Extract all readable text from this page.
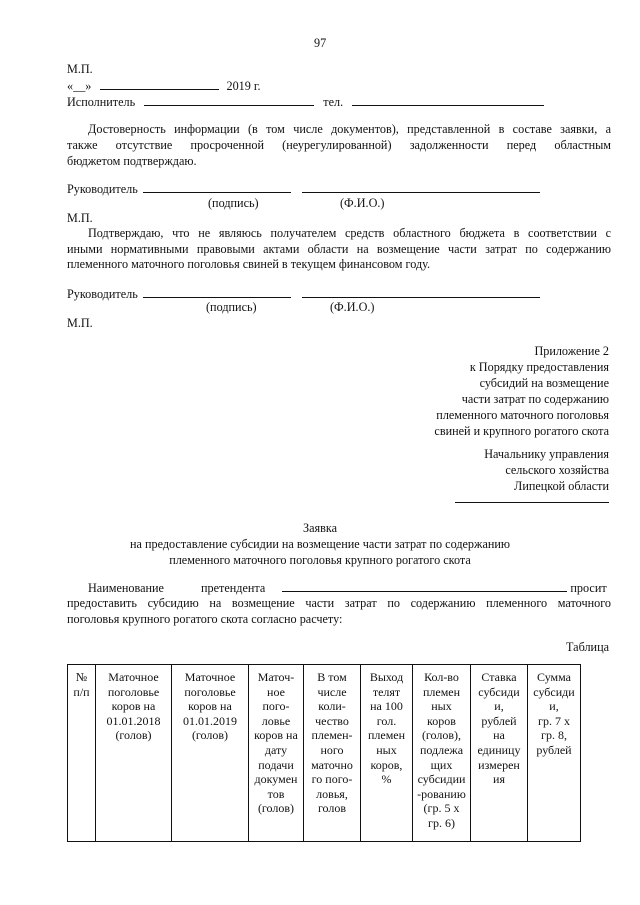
97
М.П.
«__»	2019 г.
Исполнитель	тел.
Достоверность информации (в том числе документов), представленной в составе заявки, а
также отсутствие просроченной (неурегулированной) задолженности перед областным
бюджетом подтверждаю.
Руководитель
(подпись)	(Ф.И.О.)
М.П.
Подтверждаю, что не являюсь получателем средств областного бюджета в соответствии с
иными нормативными правовыми актами области на возмещение части затрат по содержанию
племенного маточного поголовья свиней в текущем финансовом году.
Руководитель
(подпись)	(Ф.И.О.)
М.П.
Приложение 2
к Порядку предоставления
субсидий на возмещение
части затрат по содержанию
племенного маточного поголовья
свиней и крупного рогатого скота
Начальнику управления
сельского хозяйства
Липецкой области
Заявка
на предоставление субсидии на возмещение части затрат по содержанию
племенного маточного поголовья крупного рогатого скота
Наименование	претендента	просит
предоставить субсидию на возмещение части затрат по содержанию племенного маточного
поголовья крупного рогатого скота согласно расчету:
Таблица
№
п/п

Маточное
поголовье
коров на
01.01.2018
(голов)

Маточное
поголовье
коров на
01.01.2019
(голов)

Маточ-
ное
пого-
ловье
коров на
дату
подачи
докумен
тов
(голов)

В том
числе
коли-
чество
племен-
ного
маточно
го пого-
ловья,
голов

Выход
телят
на 100
гол.
племен
ных
коров,
%

Кол-во
племен
ных
коров
(голов),
подлежа
щих
субсидии
-рованию
(гр. 5 х
гр. 6)

Ставка
субсиди
и,
рублей
на
единицу
измерен
ия

Сумма
субсиди
и,
гр. 7 х
гр. 8,
рублей
